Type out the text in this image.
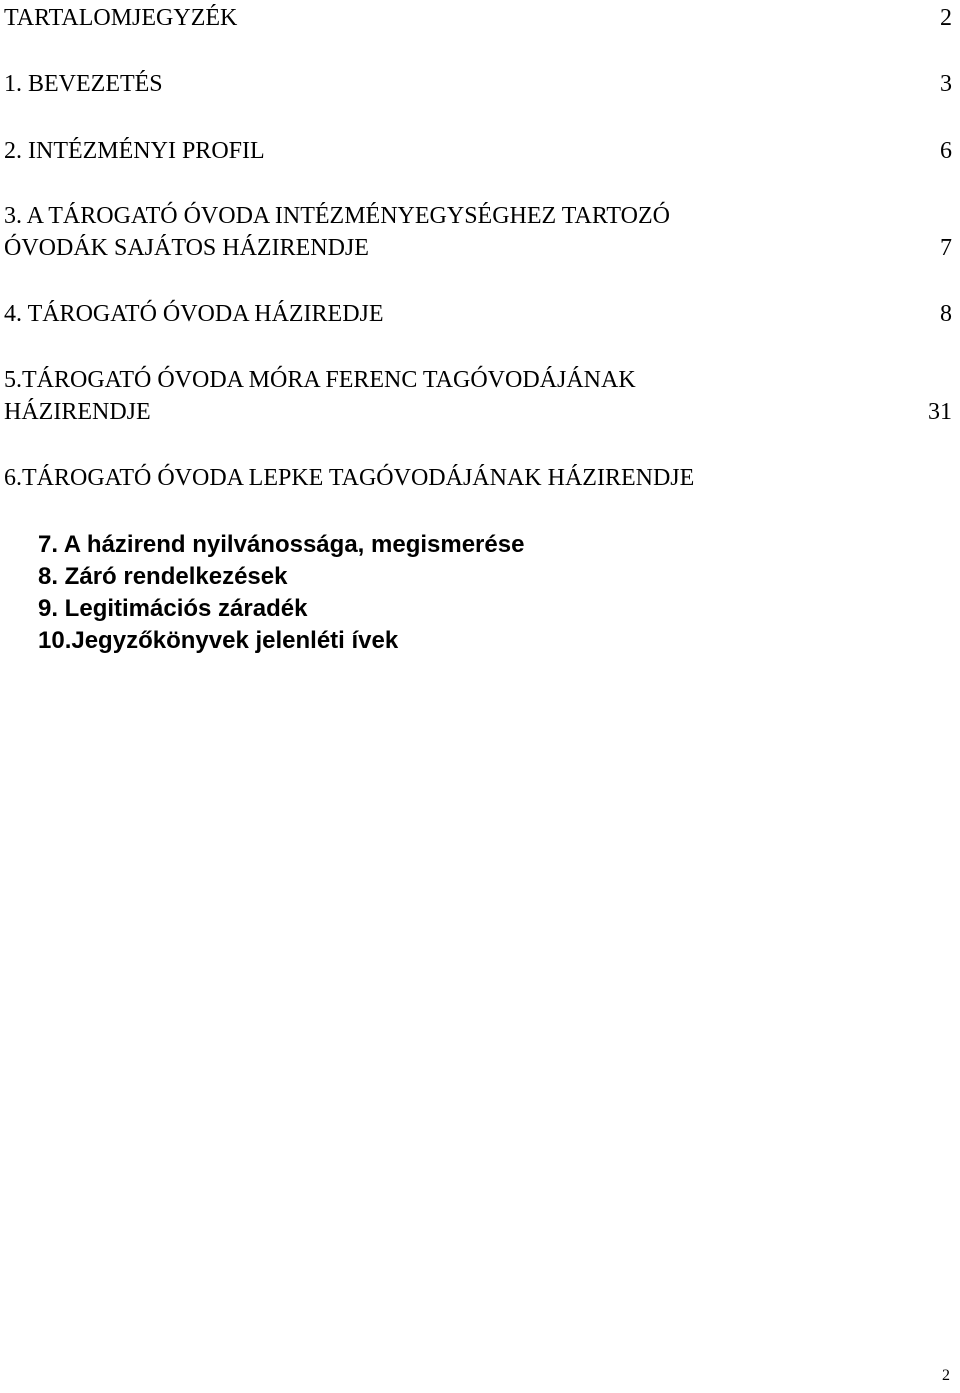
TARTALOMJEGYZÉK	2
1. BEVEZETÉS	3
2. INTÉZMÉNYI PROFIL	6
3. A TÁROGATÓ ÓVODA INTÉZMÉNYEGYSÉGHEZ TARTOZÓ
ÓVODÁK SAJÁTOS HÁZIRENDJE	7
4. TÁROGATÓ ÓVODA HÁZIREDJE	8
5.TÁROGATÓ ÓVODA MÓRA FERENC TAGÓVODÁJÁNAK
HÁZIRENDJE	31
6.TÁROGATÓ ÓVODA LEPKE TAGÓVODÁJÁNAK HÁZIRENDJE
7. A házirend nyilvánossága, megismerése
8. Záró rendelkezések
9. Legitimációs záradék
10.Jegyzőkönyvek jelenléti ívek
2
